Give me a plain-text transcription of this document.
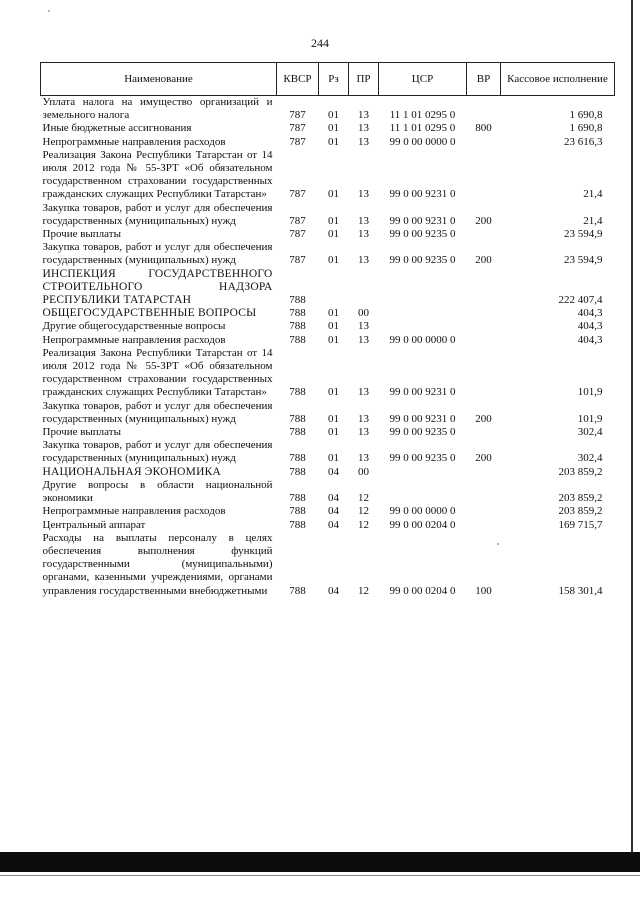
244
Наименование	КВСР	Рз	ПР	ЦСР	ВР	Кассовое исполнение
Уплата налога на имущество организаций и земельного налога	787	01	13	11 1 01 0295 0		1 690,8
Иные бюджетные ассигнования	787	01	13	11 1 01 0295 0	800	1 690,8
Непрограммные направления расходов	787	01	13	99 0 00 0000 0		23 616,3
Реализация Закона Республики Татарстан от 14 июля 2012 года № 55-ЗРТ «Об обязательном государственном страховании государственных гражданских служащих Республики Татарстан»	787	01	13	99 0 00 9231 0		21,4
Закупка товаров, работ и услуг для обеспечения государственных (муниципальных) нужд	787	01	13	99 0 00 9231 0	200	21,4
Прочие выплаты	787	01	13	99 0 00 9235 0		23 594,9
Закупка товаров, работ и услуг для обеспечения государственных (муниципальных) нужд	787	01	13	99 0 00 9235 0	200	23 594,9
ИНСПЕКЦИЯ ГОСУДАРСТВЕННОГО СТРОИТЕЛЬНОГО НАДЗОРА РЕСПУБЛИКИ ТАТАРСТАН	788					222 407,4
ОБЩЕГОСУДАРСТВЕННЫЕ ВОПРОСЫ	788	01	00			404,3
Другие общегосударственные вопросы	788	01	13			404,3
Непрограммные направления расходов	788	01	13	99 0 00 0000 0		404,3
Реализация Закона Республики Татарстан от 14 июля 2012 года № 55-ЗРТ «Об обязательном государственном страховании государственных гражданских служащих Республики Татарстан»	788	01	13	99 0 00 9231 0		101,9
Закупка товаров, работ и услуг для обеспечения государственных (муниципальных) нужд	788	01	13	99 0 00 9231 0	200	101,9
Прочие выплаты	788	01	13	99 0 00 9235 0		302,4
Закупка товаров, работ и услуг для обеспечения государственных (муниципальных) нужд	788	01	13	99 0 00 9235 0	200	302,4
НАЦИОНАЛЬНАЯ ЭКОНОМИКА	788	04	00			203 859,2
Другие вопросы в области национальной экономики	788	04	12			203 859,2
Непрограммные направления расходов	788	04	12	99 0 00 0000 0		203 859,2
Центральный аппарат	788	04	12	99 0 00 0204 0		169 715,7
Расходы на выплаты персоналу в целях обеспечения выполнения функций государственными (муниципальными) органами, казенными учреждениями, органами управления государственными внебюджетными	788	04	12	99 0 00 0204 0	100	158 301,4
